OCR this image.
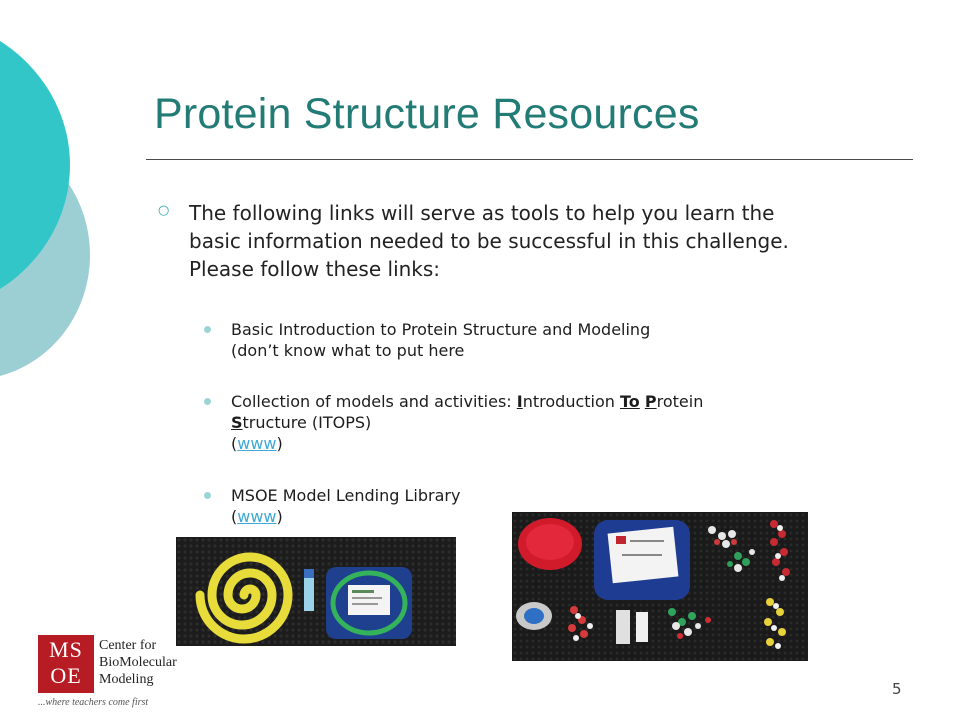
Protein Structure Resources
○ The following links will serve as tools to help you learn the basic information needed to be successful in this challenge. Please follow these links:

Basic Introduction to Protein Structure and Modeling
(don’t know what to put here
Collection of models and activities: Introduction To Protein
Structure (ITOPS)
(www)
MSOE Model Lending Library
(www)
MS
OE
Center for
BioMolecular
Modeling
...where teachers come first
5
